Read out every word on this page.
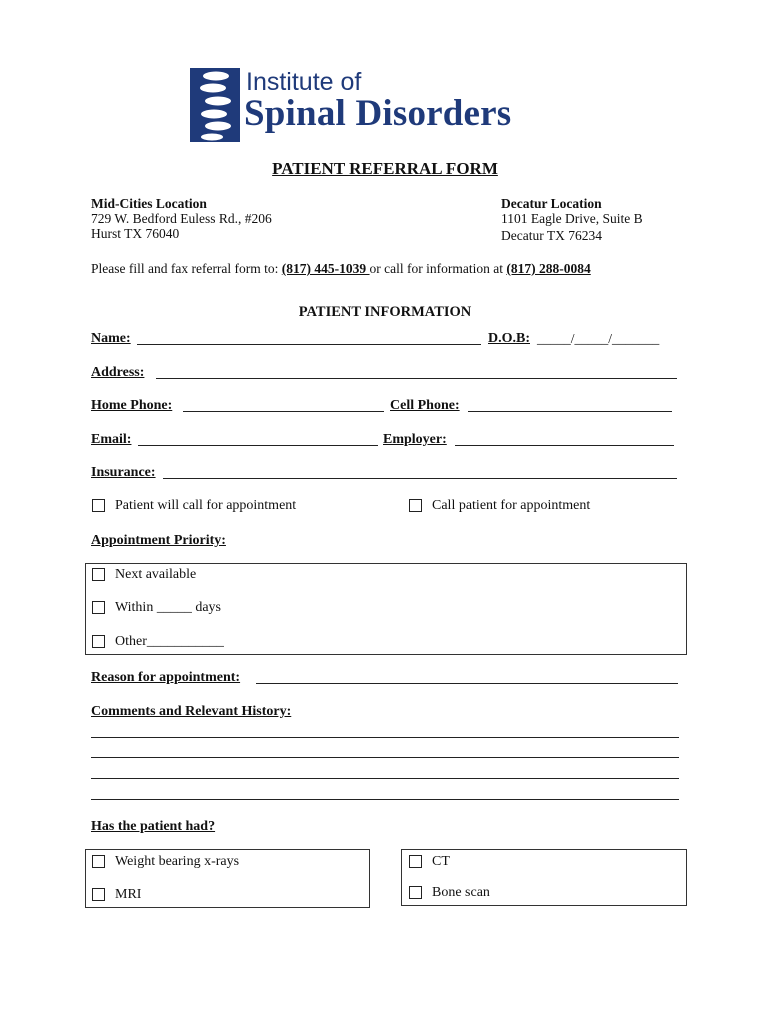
Institute of
Spinal Disorders
PATIENT REFERRAL FORM
Mid-Cities Location
729 W. Bedford Euless Rd., #206
Hurst TX 76040
Decatur Location
1101 Eagle Drive, Suite B
Decatur TX 76234
Please fill and fax referral form to: (817) 445-1039 or call for information at (817) 288-0084
PATIENT INFORMATION
Name:	D.O.B: _____/_____/_______
Address:
Home Phone:	Cell Phone:
Email:	Employer:
Insurance:
Patient will call for appointment	Call patient for appointment
Appointment Priority:
Next available
Within _____ days
Other___________
Reason for appointment:
Comments and Relevant History:
Has the patient had?
Weight bearing x-rays
MRI
CT
Bone scan
